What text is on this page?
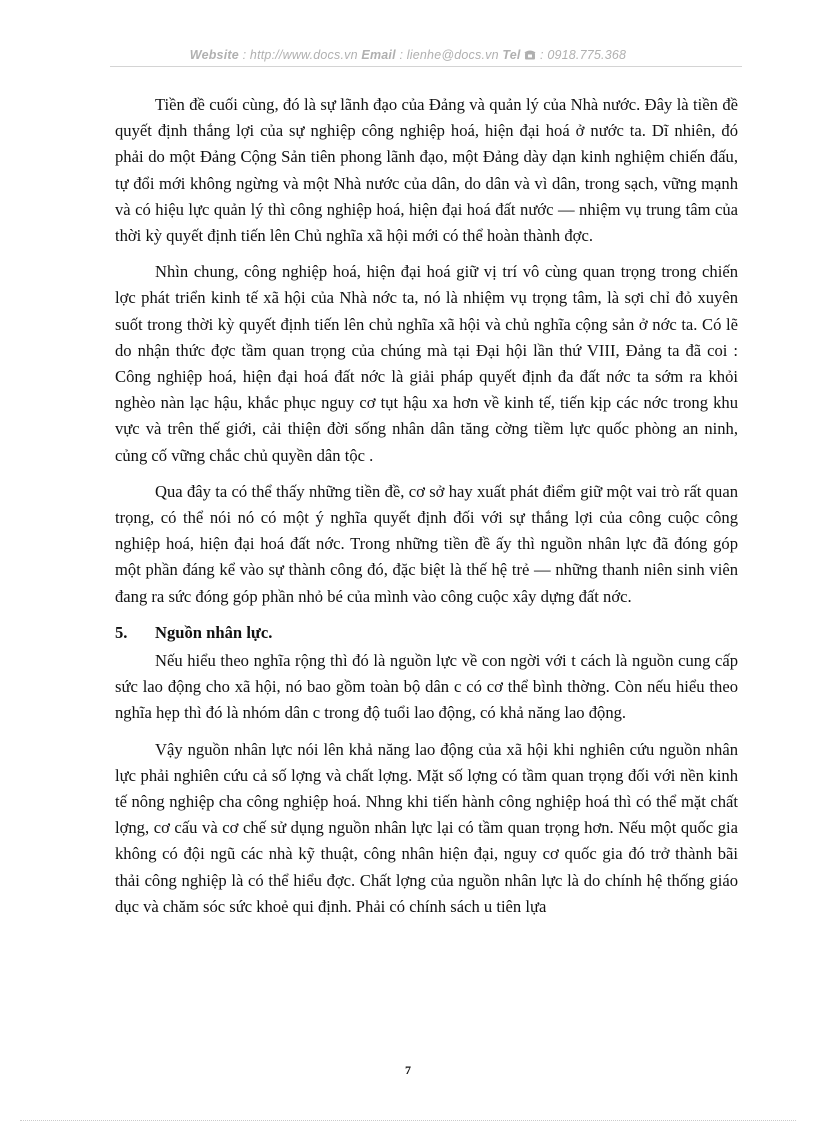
Website : http://www.docs.vn Email : lienhe@docs.vn Tel  : 0918.775.368

Tiền đề cuối cùng, đó là sự lãnh đạo của Đảng và quản lý của Nhà nước. Đây là tiền đề quyết định thắng lợi của sự nghiệp công nghiệp hoá, hiện đại hoá ở nước ta. Dĩ nhiên, đó phải do một Đảng Cộng Sản tiên phong lãnh đạo, một Đảng dày dạn kinh nghiệm chiến đấu, tự đổi mới không ngừng và một Nhà nước của dân, do dân và vì dân, trong sạch, vững mạnh và có hiệu lực quản lý thì công nghiệp hoá, hiện đại hoá đất nước — nhiệm vụ trung tâm của thời kỳ quyết định tiến lên Chủ nghĩa xã hội mới có thể hoàn thành đợc.

Nhìn chung, công nghiệp hoá, hiện đại hoá giữ vị trí vô cùng quan trọng trong chiến lợc phát triển kinh tế xã hội của Nhà nớc ta, nó là nhiệm vụ trọng tâm, là sợi chỉ đỏ xuyên suốt trong thời kỳ quyết định tiến lên chủ nghĩa xã hội và chủ nghĩa cộng sản ở nớc ta. Có lẽ do nhận thức đợc tầm quan trọng của chúng mà tại Đại hội lần thứ VIII, Đảng ta đã coi : Công nghiệp hoá, hiện đại hoá đất nớc là giải pháp quyết định đa đất nớc ta sớm ra khỏi nghèo nàn lạc hậu, khắc phục nguy cơ tụt hậu xa hơn về kinh tế, tiến kịp các nớc trong khu vực và trên thế giới, cải thiện đời sống nhân dân tăng cờng tiềm lực quốc phòng an ninh, củng cố vững chắc chủ quyền dân tộc .

Qua đây ta có thể thấy những tiền đề, cơ sở hay xuất phát điểm giữ một vai trò rất quan trọng, có thể nói nó có một ý nghĩa quyết định đối với sự thắng lợi của công cuộc công nghiệp hoá, hiện đại hoá đất nớc. Trong những tiền đề ấy thì nguồn nhân lực đã đóng góp một phần đáng kể vào sự thành công đó, đặc biệt là thế hệ trẻ — những thanh niên sinh viên đang ra sức đóng góp phần nhỏ bé của mình vào công cuộc xây dựng đất nớc.

5.	Nguồn nhân lực.

Nếu hiểu theo nghĩa rộng thì đó là nguồn lực về con ngời với t cách là nguồn cung cấp sức lao động cho xã hội, nó bao gồm toàn bộ dân c có cơ thể bình thờng. Còn nếu hiểu theo nghĩa hẹp thì đó là nhóm dân c trong độ tuổi lao động, có khả năng lao động.

Vậy nguồn nhân lực nói lên khả năng lao động của xã hội khi nghiên cứu nguồn nhân lực phải nghiên cứu cả số lợng và chất lợng. Mặt số lợng có tầm quan trọng đối với nền kinh tế nông nghiệp cha công nghiệp hoá. Nhng khi tiến hành công nghiệp hoá thì có thể mặt chất lợng, cơ cấu và cơ chế sử dụng nguồn nhân lực lại có tầm quan trọng hơn. Nếu một quốc gia không có đội ngũ các nhà kỹ thuật, công nhân hiện đại, nguy cơ quốc gia đó trở thành bãi thải công nghiệp là có thể hiểu đợc. Chất lợng của nguồn nhân lực là do chính hệ thống giáo dục và chăm sóc sức khoẻ qui định. Phải có chính sách u tiên lựa

7
